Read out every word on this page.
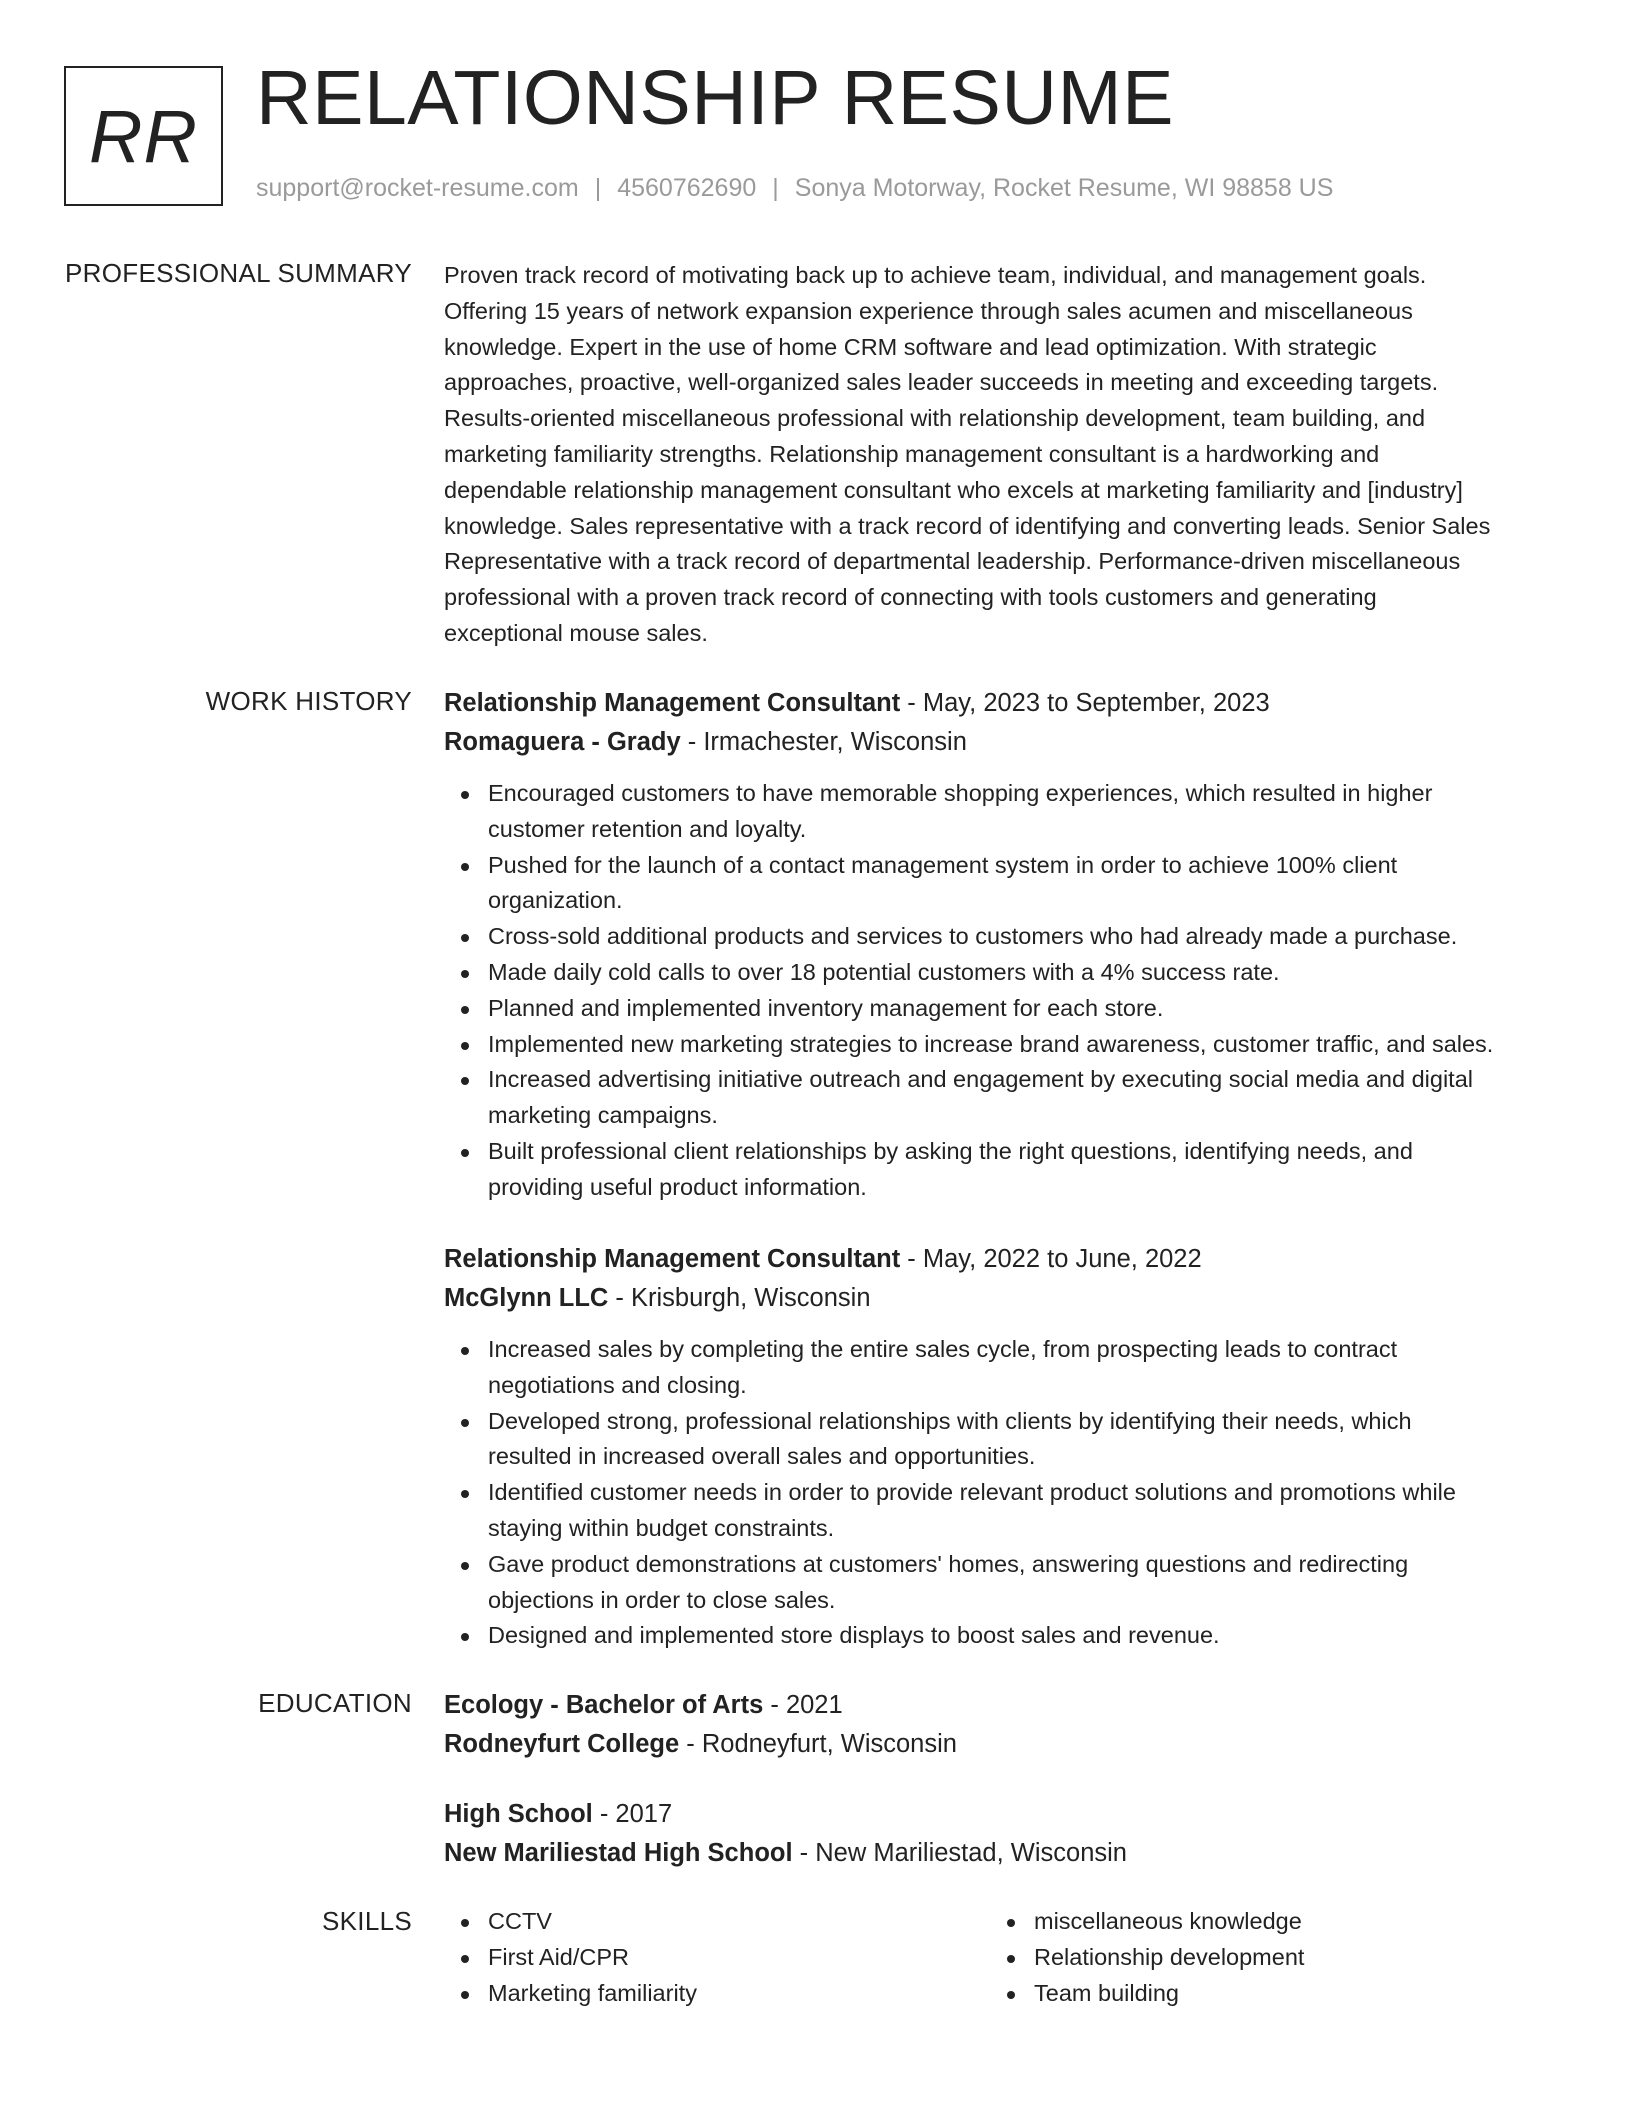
RR RELATIONSHIP RESUME
support@rocket-resume.com | 4560762690 | Sonya Motorway, Rocket Resume, WI 98858 US
PROFESSIONAL SUMMARY Proven track record of motivating back up to achieve team, individual, and management goals.
Offering 15 years of network expansion experience through sales acumen and miscellaneous
knowledge. Expert in the use of home CRM software and lead optimization. With strategic
approaches, proactive, well-organized sales leader succeeds in meeting and exceeding targets.
Results-oriented miscellaneous professional with relationship development, team building, and
marketing familiarity strengths. Relationship management consultant is a hardworking and
dependable relationship management consultant who excels at marketing familiarity and [industry]
knowledge. Sales representative with a track record of identifying and converting leads. Senior Sales
Representative with a track record of departmental leadership. Performance-driven miscellaneous
professional with a proven track record of connecting with tools customers and generating
exceptional mouse sales.
WORK HISTORY Relationship Management Consultant - May, 2023 to September, 2023
Romaguera - Grady - Irmachester, Wisconsin
Encouraged customers to have memorable shopping experiences, which resulted in higher
customer retention and loyalty.
Pushed for the launch of a contact management system in order to achieve 100% client
organization.
Cross-sold additional products and services to customers who had already made a purchase.
Made daily cold calls to over 18 potential customers with a 4% success rate.
Planned and implemented inventory management for each store.
Implemented new marketing strategies to increase brand awareness, customer traffic, and sales.
Increased advertising initiative outreach and engagement by executing social media and digital
marketing campaigns.
Built professional client relationships by asking the right questions, identifying needs, and
providing useful product information.
Relationship Management Consultant - May, 2022 to June, 2022
McGlynn LLC - Krisburgh, Wisconsin
Increased sales by completing the entire sales cycle, from prospecting leads to contract
negotiations and closing.
Developed strong, professional relationships with clients by identifying their needs, which
resulted in increased overall sales and opportunities.
Identified customer needs in order to provide relevant product solutions and promotions while
staying within budget constraints.
Gave product demonstrations at customers' homes, answering questions and redirecting
objections in order to close sales.
Designed and implemented store displays to boost sales and revenue.
EDUCATION Ecology - Bachelor of Arts - 2021
Rodneyfurt College - Rodneyfurt, Wisconsin
High School - 2017
New Mariliestad High School - New Mariliestad, Wisconsin
SKILLS	CCTV
First Aid/CPR
Marketing familiarity
miscellaneous knowledge
Relationship development
Team building
